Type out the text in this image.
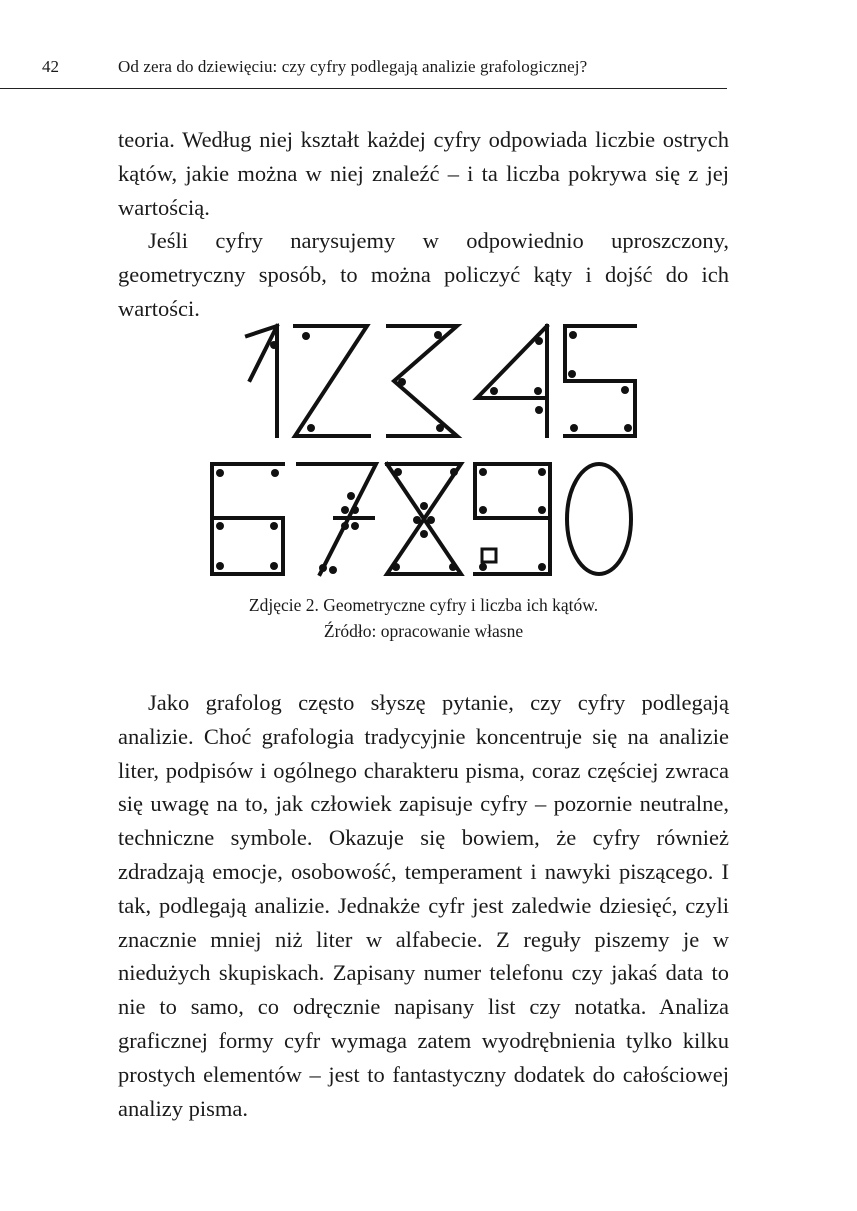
42	Od zera do dziewięciu: czy cyfry podlegają analizie grafologicznej?

teoria. Według niej kształt każdej cyfry odpowiada liczbie ostrych kątów, jakie można w niej znaleźć – i ta liczba pokrywa się z jej wartością.

Jeśli cyfry narysujemy w odpowiednio uproszczony, geometryczny sposób, to można policzyć kąty i dojść do ich wartości.

Zdjęcie 2. Geometryczne cyfry i liczba ich kątów.
Źródło: opracowanie własne

Jako grafolog często słyszę pytanie, czy cyfry podlegają analizie. Choć grafologia tradycyjnie koncentruje się na analizie liter, podpisów i ogólnego charakteru pisma, coraz częściej zwraca się uwagę na to, jak człowiek zapisuje cyfry – pozornie neutralne, techniczne symbole. Okazuje się bowiem, że cyfry również zdradzają emocje, osobowość, temperament i nawyki piszącego. I tak, podlegają analizie. Jednakże cyfr jest zaledwie dziesięć, czyli znacznie mniej niż liter w alfabecie. Z reguły piszemy je w niedużych skupiskach. Zapisany numer telefonu czy jakaś data to nie to samo, co odręcznie napisany list czy notatka. Analiza graficznej formy cyfr wymaga zatem wyodrębnienia tylko kilku prostych elementów – jest to fantastyczny dodatek do całościowej analizy pisma.
